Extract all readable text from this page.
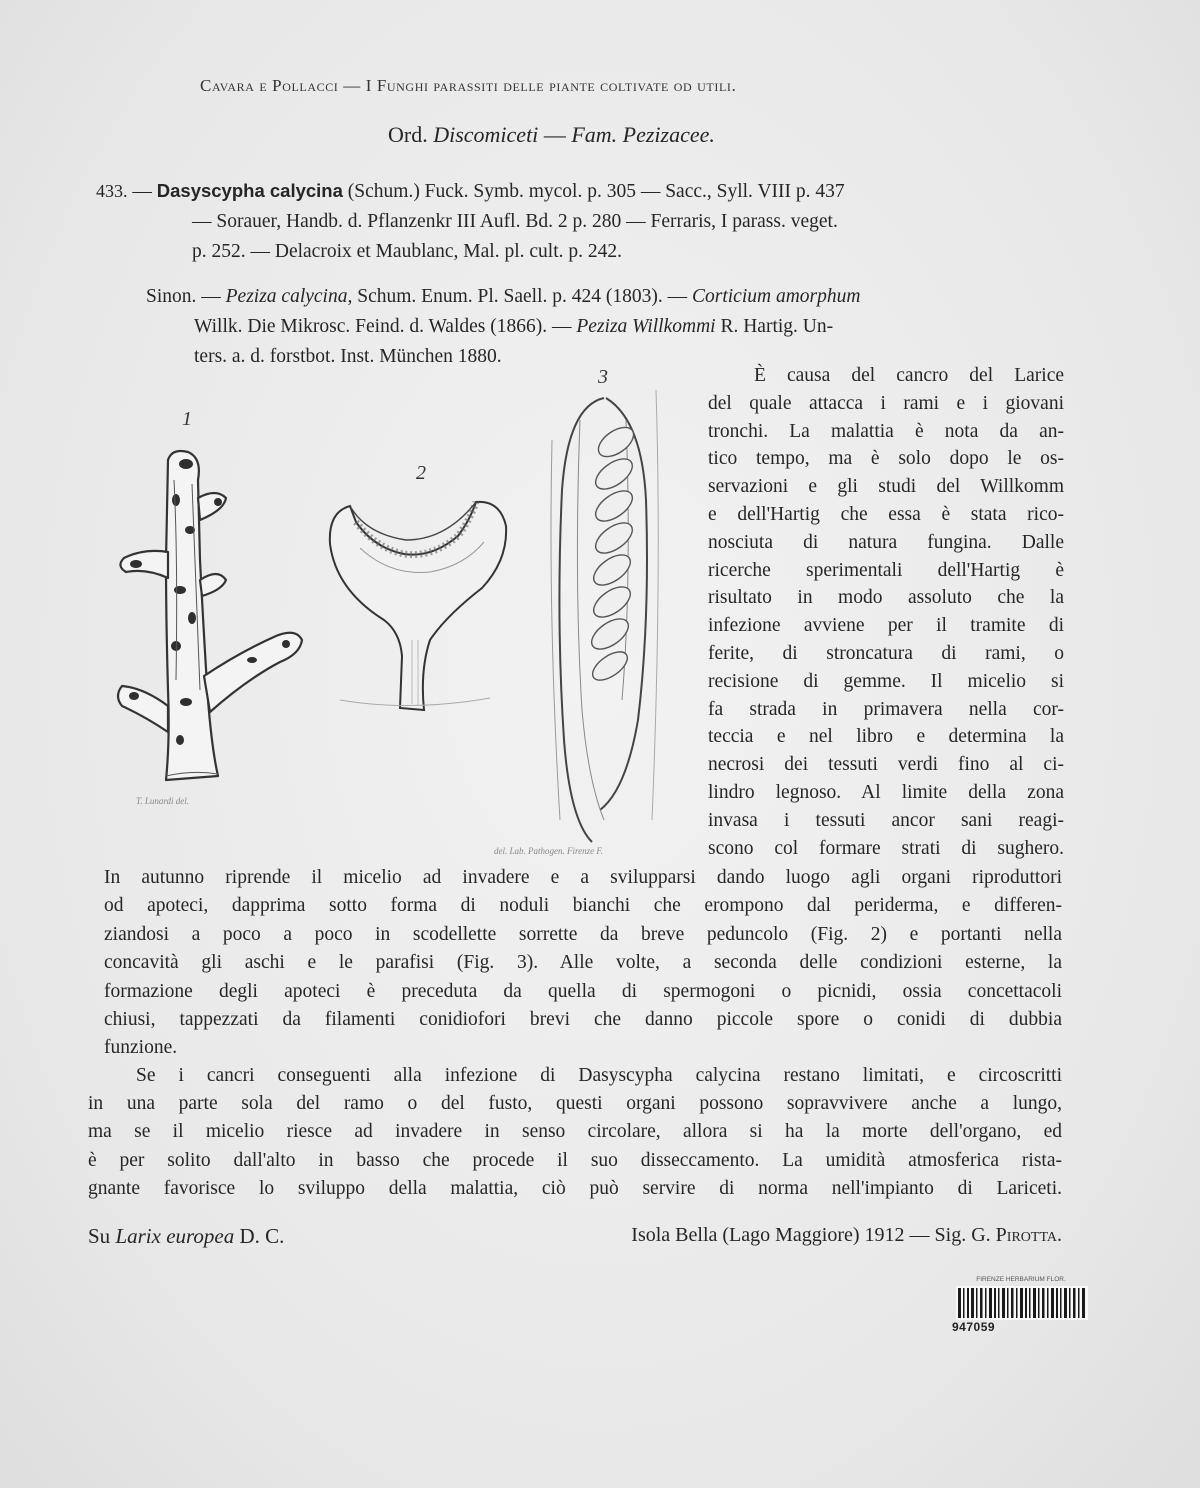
Cavara e Pollacci — I Funghi parassiti delle piante coltivate od utili.
Ord. Discomiceti — Fam. Pezizacee.
433. — Dasyscypha calycina (Schum.) Fuck. Symb. mycol. p. 305 — Sacc., Syll. VIII p. 437
— Sorauer, Handb. d. Pflanzenkr III Aufl. Bd. 2 p. 280 — Ferraris, I parass. veget.
p. 252. — Delacroix et Maublanc, Mal. pl. cult. p. 242.
Sinon. — Peziza calycina, Schum. Enum. Pl. Saell. p. 424 (1803). — Corticium amorphum
Willk. Die Mikrosc. Feind. d. Waldes (1866). — Peziza Willkommi R. Hartig. Un-
ters. a. d. forstbot. Inst. München 1880.
È causa del cancro del Larice
del quale attacca i rami e i giovani
tronchi. La malattia è nota da an-
tico tempo, ma è solo dopo le os-
servazioni e gli studi del Willkomm
e dell'Hartig che essa è stata rico-
nosciuta di natura fungina. Dalle
ricerche sperimentali dell'Hartig è
risultato in modo assoluto che la
infezione avviene per il tramite di
ferite, di stroncatura di rami, o
recisione di gemme. Il micelio si
fa strada in primavera nella cor-
teccia e nel libro e determina la
necrosi dei tessuti verdi fino al ci-
lindro legnoso. Al limite della zona
invasa i tessuti ancor sani reagi-
scono col formare strati di sughero.
1
T. Lunardi del.
2
3
del. Lab. Pathogen. Firenze F.
In autunno riprende il micelio ad invadere e a svilupparsi dando luogo agli organi riproduttori
od apoteci, dapprima sotto forma di noduli bianchi che erompono dal periderma, e differen-
ziandosi a poco a poco in scodellette sorrette da breve peduncolo (Fig. 2) e portanti nella
concavità gli aschi e le parafisi (Fig. 3). Alle volte, a seconda delle condizioni esterne, la
formazione degli apoteci è preceduta da quella di spermogoni o picnidi, ossia concettacoli
chiusi, tappezzati da filamenti conidiofori brevi che danno piccole spore o conidi di dubbia
funzione.
Se i cancri conseguenti alla infezione di Dasyscypha calycina restano limitati, e circoscritti
in una parte sola del ramo o del fusto, questi organi possono sopravvivere anche a lungo,
ma se il micelio riesce ad invadere in senso circolare, allora si ha la morte dell'organo, ed
è per solito dall'alto in basso che procede il suo disseccamento. La umidità atmosferica rista-
gnante favorisce lo sviluppo della malattia, ciò può servire di norma nell'impianto di Lariceti.
Su Larix europea D. C.	Isola Bella (Lago Maggiore) 1912 — Sig. G. Pirotta.
FIRENZE HERBARIUM FLOR.
947059
